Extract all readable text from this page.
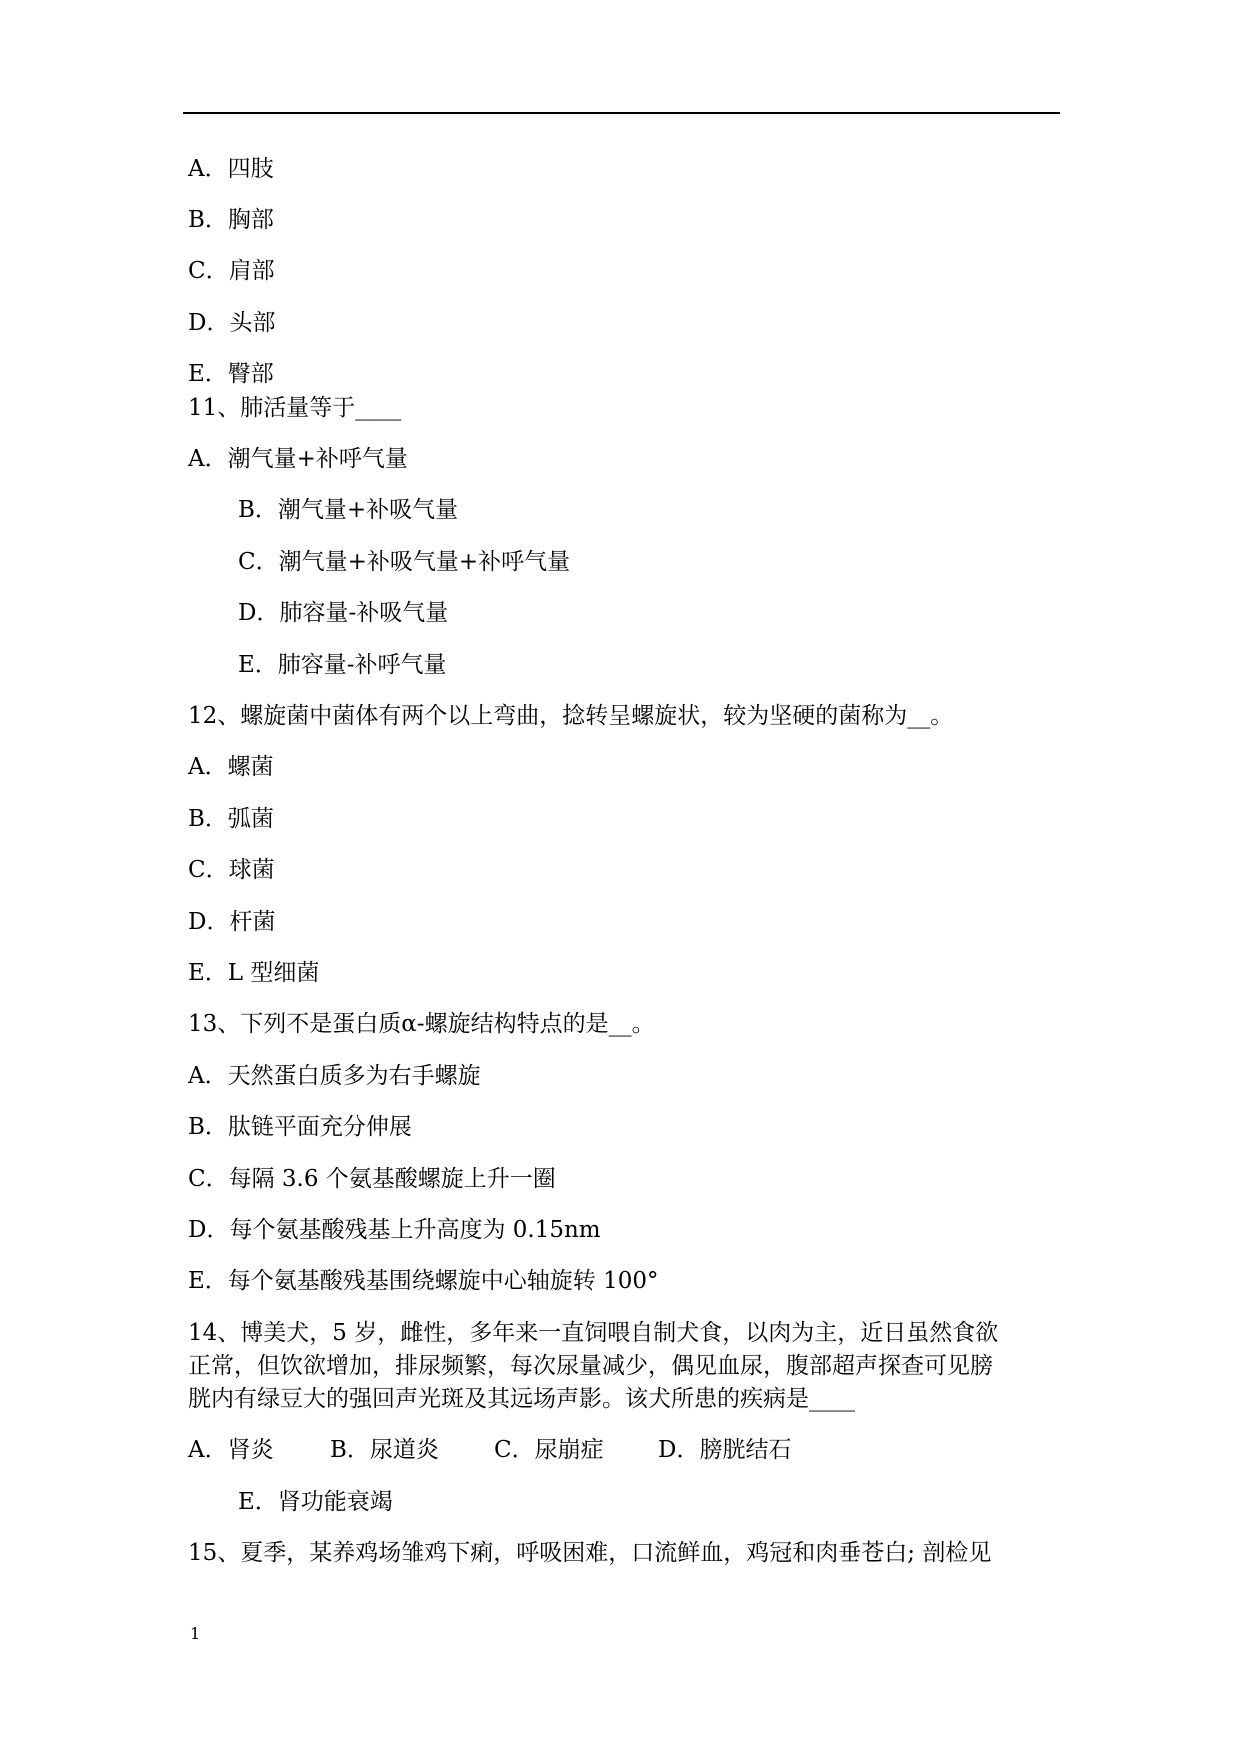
A．四肢
B．胸部
C．肩部
D．头部
E．臀部
11、肺活量等于____
A．潮气量+补呼气量
B．潮气量+补吸气量
C．潮气量+补吸气量+补呼气量
D．肺容量-补吸气量
E．肺容量-补呼气量
12、螺旋菌中菌体有两个以上弯曲，捻转呈螺旋状，较为坚硬的菌称为__。
A．螺菌
B．弧菌
C．球菌
D．杆菌
E．L 型细菌
13、下列不是蛋白质α-螺旋结构特点的是__。
A．天然蛋白质多为右手螺旋
B．肽链平面充分伸展
C．每隔 3.6 个氨基酸螺旋上升一圈
D．每个氨基酸残基上升高度为 0.15nm
E．每个氨基酸残基围绕螺旋中心轴旋转 100°
14、博美犬，5 岁，雌性，多年来一直饲喂自制犬食，以肉为主，近日虽然食欲
正常，但饮欲增加，排尿频繁，每次尿量减少，偶见血尿，腹部超声探查可见膀
胱内有绿豆大的强回声光斑及其远场声影。该犬所患的疾病是____
A．肾炎 B．尿道炎 C．尿崩症 D．膀胱结石
E．肾功能衰竭
15、夏季，某养鸡场雏鸡下痢，呼吸困难，口流鲜血，鸡冠和肉垂苍白; 剖检见
1
